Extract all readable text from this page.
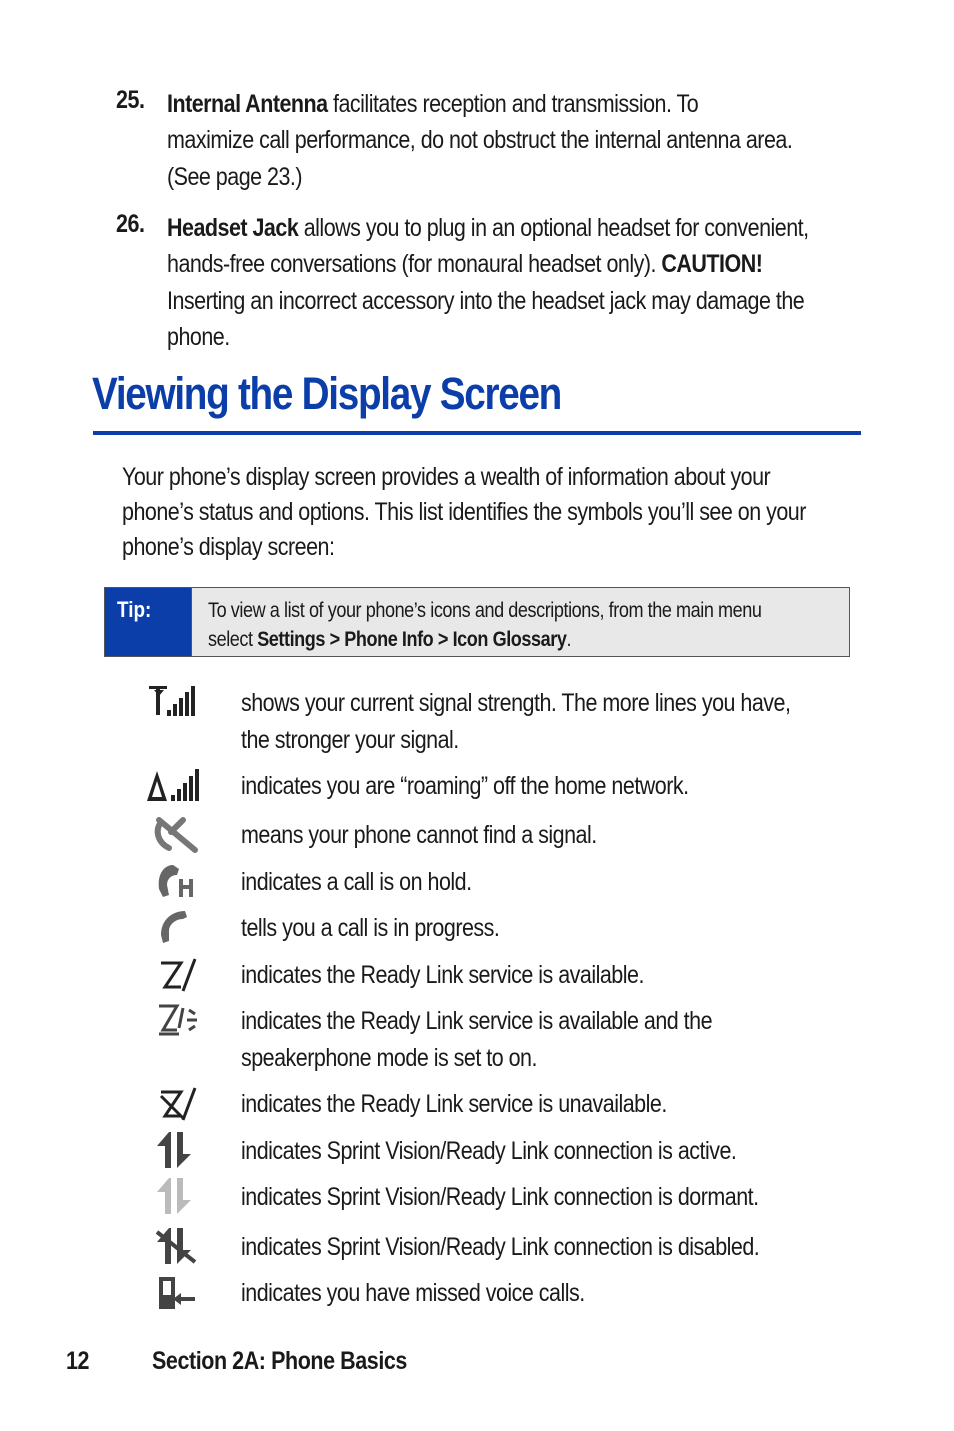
25. Internal Antenna facilitates reception and transmission. To
maximize call performance, do not obstruct the internal antenna area.
(See page 23.)
26. Headset Jack allows you to plug in an optional headset for convenient,
hands-free conversations (for monaural headset only). CAUTION!
Inserting an incorrect accessory into the headset jack may damage the
phone.
Viewing the Display Screen
Your phone’s display screen provides a wealth of information about your
phone’s status and options. This list identifies the symbols you’ll see on your
phone’s display screen:
Tip:	To view a list of your phone’s icons and descriptions, from the main menu
select Settings > Phone Info > Icon Glossary.
shows your current signal strength. The more lines you have,
the stronger your signal.
indicates you are “roaming” off the home network.
means your phone cannot find a signal.
indicates a call is on hold.
tells you a call is in progress.
indicates the Ready Link service is available.
indicates the Ready Link service is available and the
speakerphone mode is set to on.
indicates the Ready Link service is unavailable.
indicates Sprint Vision/Ready Link connection is active.
indicates Sprint Vision/Ready Link connection is dormant.
indicates Sprint Vision/Ready Link connection is disabled.
indicates you have missed voice calls.
12	Section 2A: Phone Basics
